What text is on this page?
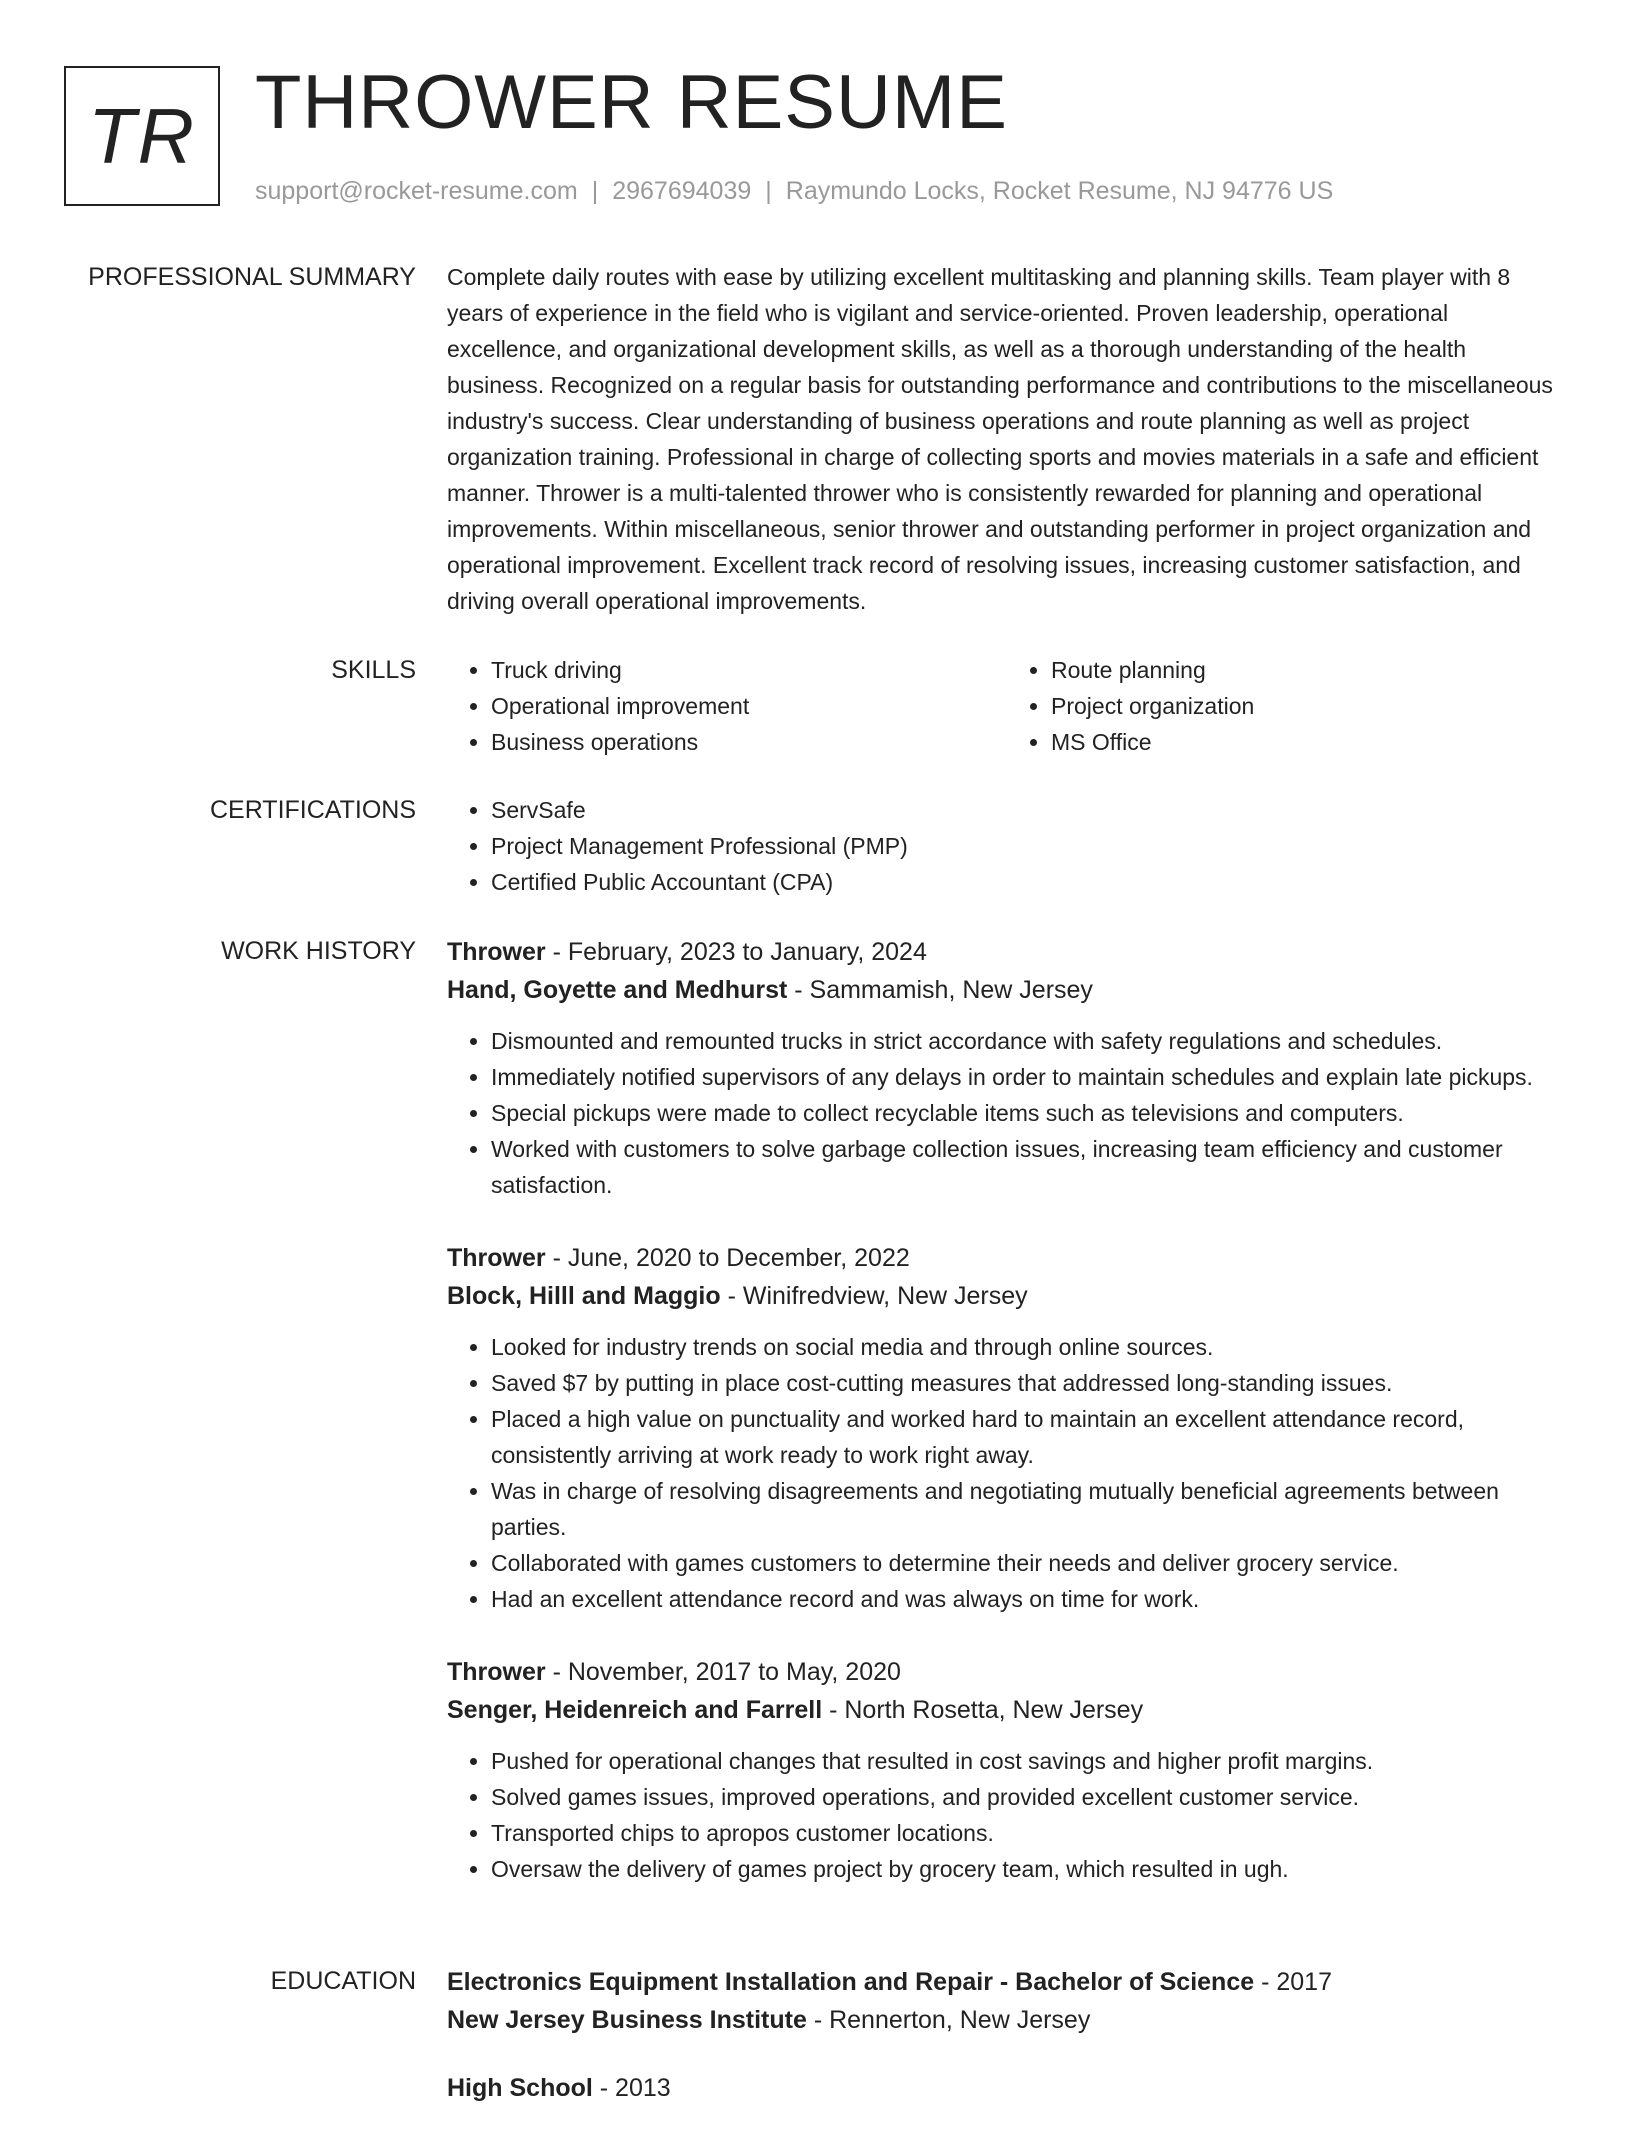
TR THROWER RESUME
support@rocket-resume.com | 2967694039 | Raymundo Locks, Rocket Resume, NJ 94776 US
PROFESSIONAL SUMMARY Complete daily routes with ease by utilizing excellent multitasking and planning skills. Team player with 8 years of experience in the field who is vigilant and service-oriented. Proven leadership, operational excellence, and organizational development skills, as well as a thorough understanding of the health business. Recognized on a regular basis for outstanding performance and contributions to the miscellaneous industry's success. Clear understanding of business operations and route planning as well as project organization training. Professional in charge of collecting sports and movies materials in a safe and efficient manner. Thrower is a multi-talented thrower who is consistently rewarded for planning and operational improvements. Within miscellaneous, senior thrower and outstanding performer in project organization and operational improvement. Excellent track record of resolving issues, increasing customer satisfaction, and driving overall operational improvements.

SKILLS	• Truck driving
• Operational improvement
• Business operations
• Route planning
• Project organization
• MS Office
CERTIFICATIONS	• ServSafe
• Project Management Professional (PMP)
• Certified Public Accountant (CPA)
WORK HISTORY Thrower - February, 2023 to January, 2024
Hand, Goyette and Medhurst - Sammamish, New Jersey
• Dismounted and remounted trucks in strict accordance with safety regulations and schedules.
• Immediately notified supervisors of any delays in order to maintain schedules and explain late pickups.
• Special pickups were made to collect recyclable items such as televisions and computers.
• Worked with customers to solve garbage collection issues, increasing team efficiency and customer satisfaction.
Thrower - June, 2020 to December, 2022
Block, Hilll and Maggio - Winifredview, New Jersey
• Looked for industry trends on social media and through online sources.
• Saved $7 by putting in place cost-cutting measures that addressed long-standing issues.
• Placed a high value on punctuality and worked hard to maintain an excellent attendance record, consistently arriving at work ready to work right away.
• Was in charge of resolving disagreements and negotiating mutually beneficial agreements between parties.
• Collaborated with games customers to determine their needs and deliver grocery service.
• Had an excellent attendance record and was always on time for work.
Thrower - November, 2017 to May, 2020
Senger, Heidenreich and Farrell - North Rosetta, New Jersey
• Pushed for operational changes that resulted in cost savings and higher profit margins.
• Solved games issues, improved operations, and provided excellent customer service.
• Transported chips to apropos customer locations.
• Oversaw the delivery of games project by grocery team, which resulted in ugh.
EDUCATION Electronics Equipment Installation and Repair - Bachelor of Science - 2017
New Jersey Business Institute - Rennerton, New Jersey
High School - 2013
